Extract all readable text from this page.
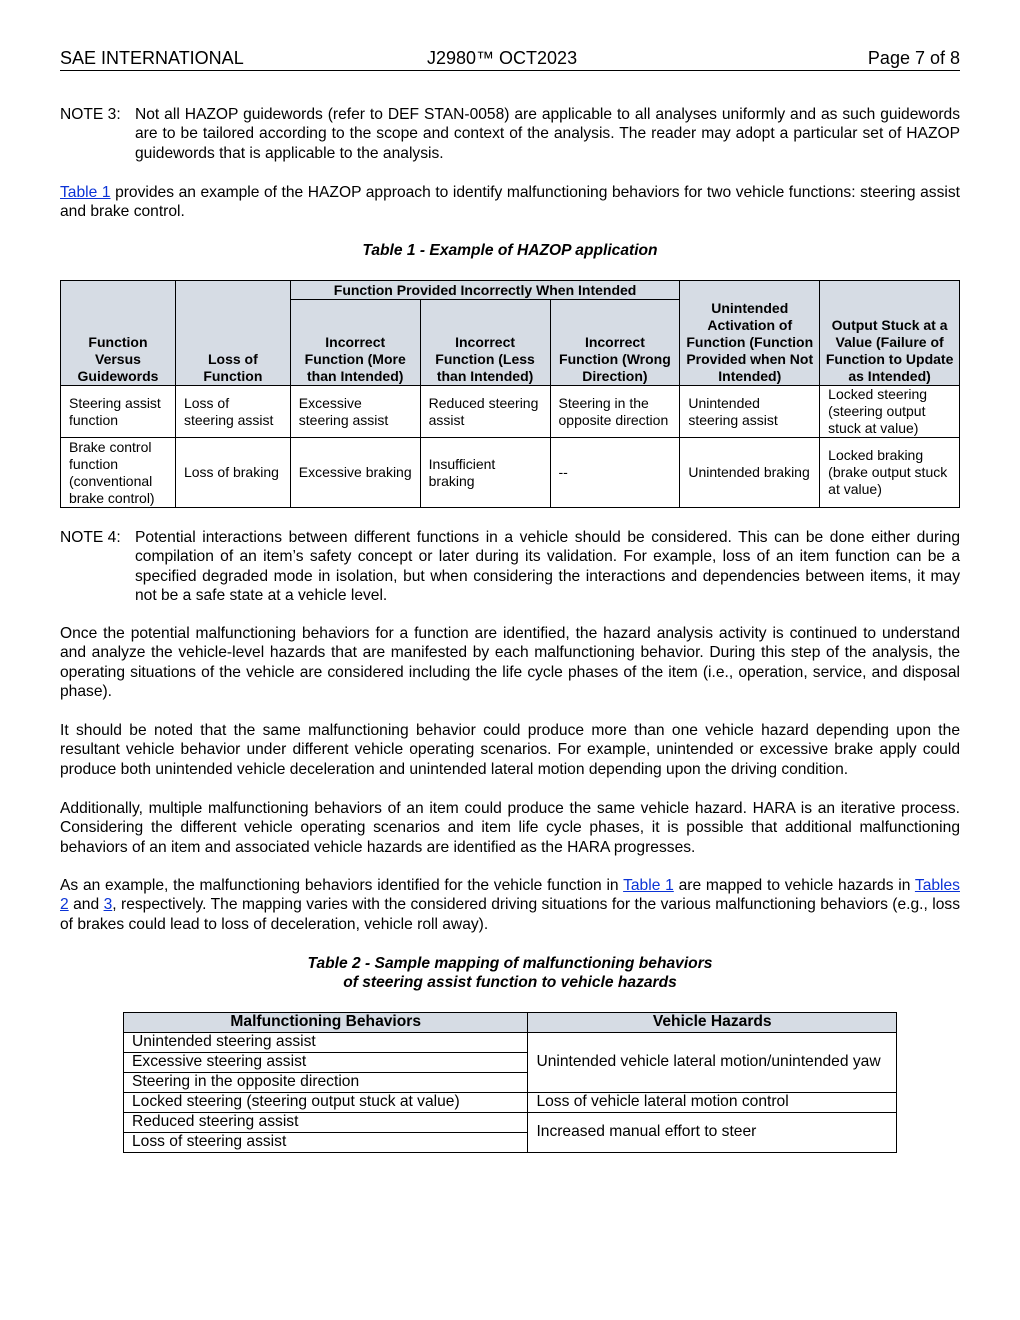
SAE INTERNATIONAL	J2980™ OCT2023	Page 7 of 8
NOTE 3: Not all HAZOP guidewords (refer to DEF STAN-0058) are applicable to all analyses uniformly and as such guidewords are to be tailored according to the scope and context of the analysis. The reader may adopt a particular set of HAZOP guidewords that is applicable to the analysis.
Table 1 provides an example of the HAZOP approach to identify malfunctioning behaviors for two vehicle functions: steering assist and brake control.
Table 1 - Example of HAZOP application
Function Versus Guidewords	Loss of Function	Function Provided Incorrectly When Intended			Unintended Activation of Function (Function Provided when Not Intended)	Output Stuck at a Value (Failure of Function to Update as Intended)
		Incorrect Function (More than Intended)	Incorrect Function (Less than Intended)	Incorrect Function (Wrong Direction)		
Steering assist function	Loss of steering assist	Excessive steering assist	Reduced steering assist	Steering in the opposite direction	Unintended steering assist	Locked steering (steering output stuck at value)
Brake control function (conventional brake control)	Loss of braking	Excessive braking	Insufficient braking	--	Unintended braking	Locked braking (brake output stuck at value)
NOTE 4: Potential interactions between different functions in a vehicle should be considered. This can be done either during compilation of an item’s safety concept or later during its validation. For example, loss of an item function can be a specified degraded mode in isolation, but when considering the interactions and dependencies between items, it may not be a safe state at a vehicle level.
Once the potential malfunctioning behaviors for a function are identified, the hazard analysis activity is continued to understand and analyze the vehicle-level hazards that are manifested by each malfunctioning behavior. During this step of the analysis, the operating situations of the vehicle are considered including the life cycle phases of the item (i.e., operation, service, and disposal phase).
It should be noted that the same malfunctioning behavior could produce more than one vehicle hazard depending upon the resultant vehicle behavior under different vehicle operating scenarios. For example, unintended or excessive brake apply could produce both unintended vehicle deceleration and unintended lateral motion depending upon the driving condition.
Additionally, multiple malfunctioning behaviors of an item could produce the same vehicle hazard. HARA is an iterative process. Considering the different vehicle operating scenarios and item life cycle phases, it is possible that additional malfunctioning behaviors of an item and associated vehicle hazards are identified as the HARA progresses.
As an example, the malfunctioning behaviors identified for the vehicle function in Table 1 are mapped to vehicle hazards in Tables 2 and 3, respectively. The mapping varies with the considered driving situations for the various malfunctioning behaviors (e.g., loss of brakes could lead to loss of deceleration, vehicle roll away).
Table 2 - Sample mapping of malfunctioning behaviors
of steering assist function to vehicle hazards
Malfunctioning Behaviors	Vehicle Hazards
Unintended steering assist	Unintended vehicle lateral motion/unintended yaw
Excessive steering assist	
Steering in the opposite direction	
Locked steering (steering output stuck at value)	Loss of vehicle lateral motion control
Reduced steering assist	Increased manual effort to steer
Loss of steering assist	
